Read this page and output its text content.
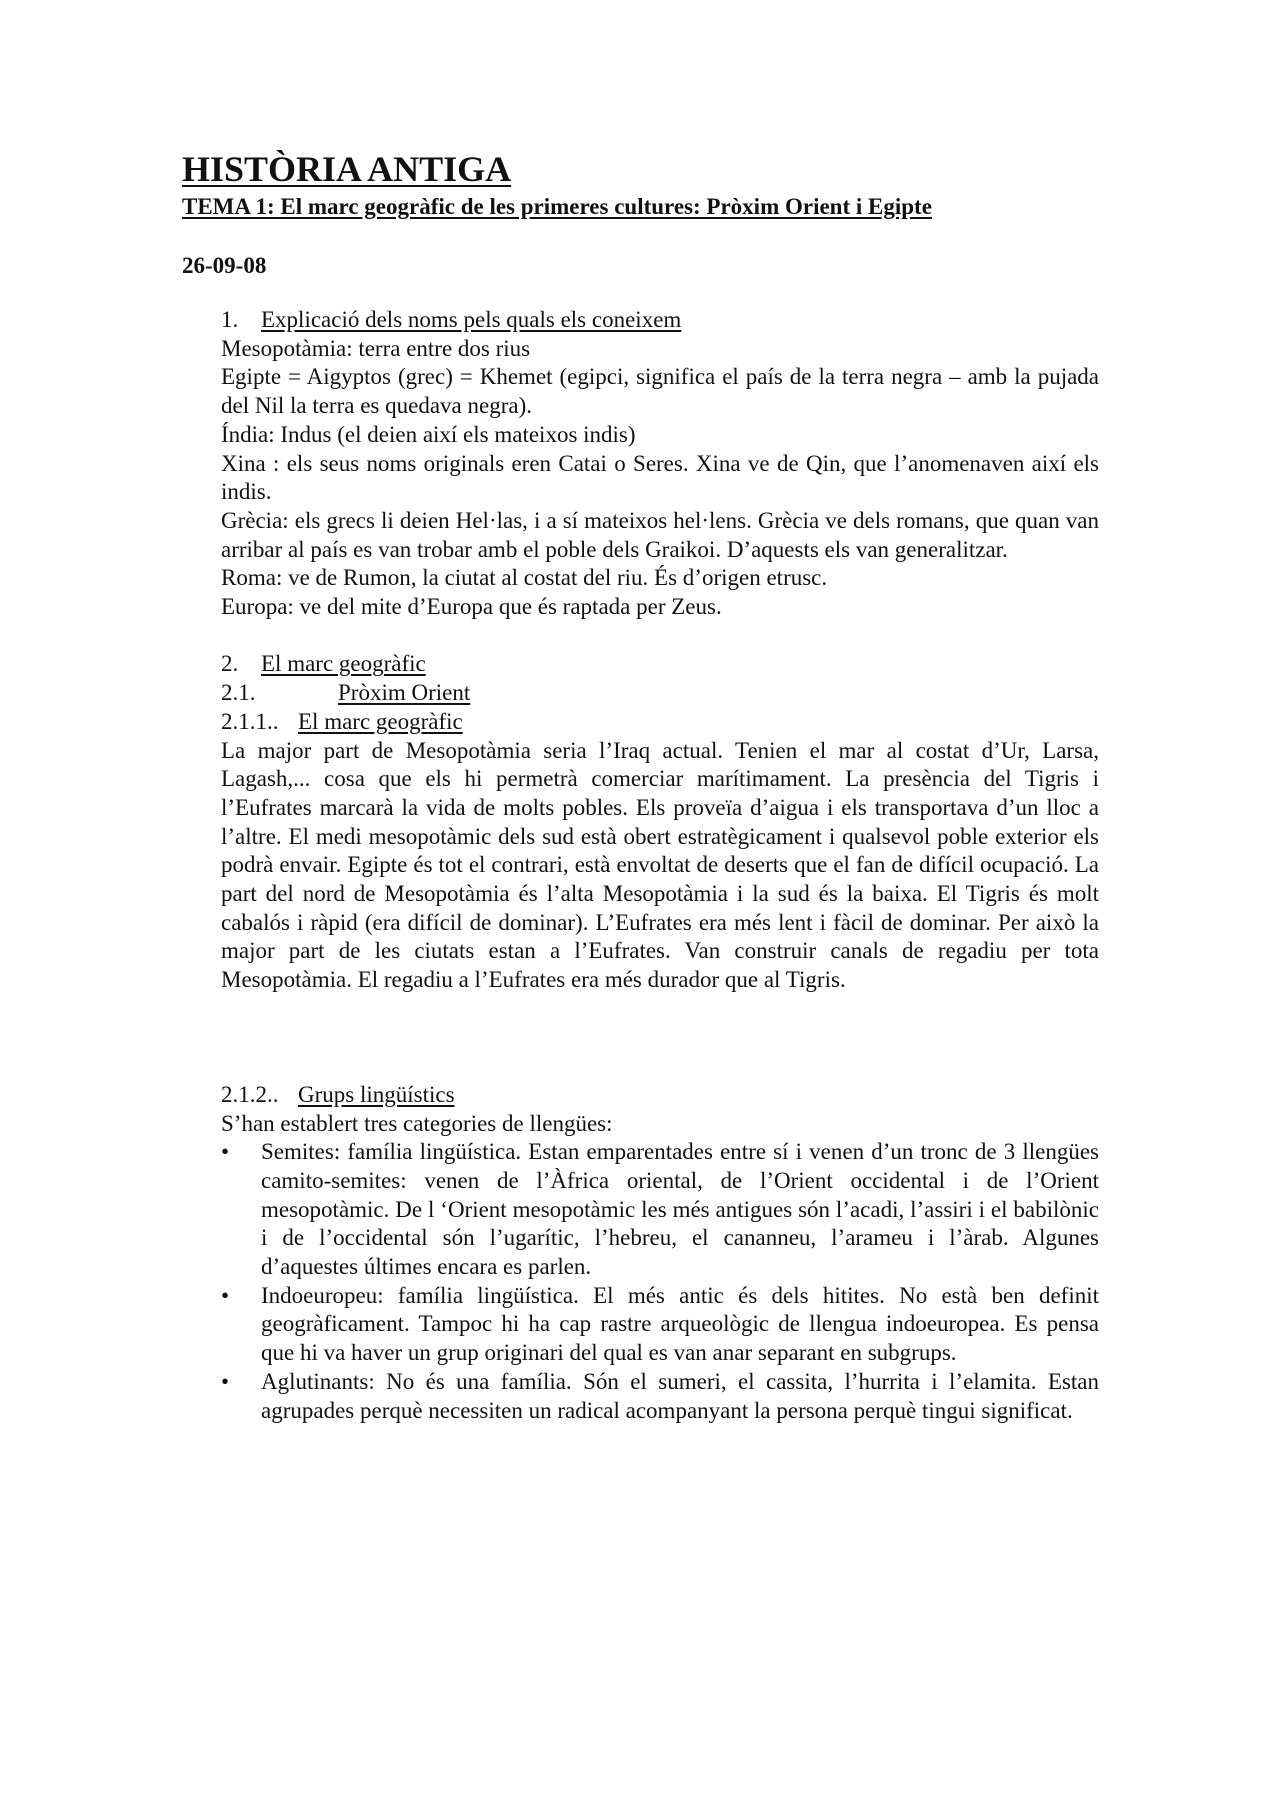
HISTÒRIA ANTIGA
TEMA 1: El marc geogràfic de les primeres cultures: Pròxim Orient i Egipte
26-09-08

1. Explicació dels noms pels quals els coneixem

Mesopotàmia: terra entre dos rius

Egipte = Aigyptos (grec) = Khemet (egipci, significa el país de la terra negra – amb la pujada del Nil la terra es quedava negra).

Índia: Indus (el deien així els mateixos indis)

Xina : els seus noms originals eren Catai o Seres. Xina ve de Qin, que l’anomenaven així els indis.

Grècia: els grecs li deien Hel·las, i a sí mateixos hel·lens. Grècia ve dels romans, que quan van arribar al país es van trobar amb el poble dels Graikoi. D’aquests els van generalitzar.

Roma: ve de Rumon, la ciutat al costat del riu. És d’origen etrusc.

Europa: ve del mite d’Europa que és raptada per Zeus.

2. El marc geogràfic

2.1.	Pròxim Orient

2.1.1.. El marc geogràfic

La major part de Mesopotàmia seria l’Iraq actual. Tenien el mar al costat d’Ur, Larsa, Lagash,... cosa que els hi permetrà comerciar marítimament. La presència del Tigris i l’Eufrates marcarà la vida de molts pobles. Els proveïa d’aigua i els transportava d’un lloc a l’altre. El medi mesopotàmic dels sud està obert estratègicament i qualsevol poble exterior els podrà envair. Egipte és tot el contrari, està envoltat de deserts que el fan de difícil ocupació. La part del nord de Mesopotàmia és l’alta Mesopotàmia i la sud és la baixa. El Tigris és molt cabalós i ràpid (era difícil de dominar). L’Eufrates era més lent i fàcil de dominar. Per això la major part de les ciutats estan a l’Eufrates. Van construir canals de regadiu per tota Mesopotàmia. El regadiu a l’Eufrates era més durador que al Tigris.

2.1.2.. Grups lingüístics

S’han establert tres categories de llengües:

• Semites: família lingüística. Estan emparentades entre sí i venen d’un tronc de 3 llengües camito-semites: venen de l’Àfrica oriental, de l’Orient occidental i de l’Orient mesopotàmic. De l ‘Orient mesopotàmic les més antigues són l’acadi, l’assiri i el babilònic i de l’occidental són l’ugarític, l’hebreu, el cananneu, l’arameu i l’àrab. Algunes d’aquestes últimes encara es parlen.
• Indoeuropeu: família lingüística. El més antic és dels hitites. No està ben definit geogràficament. Tampoc hi ha cap rastre arqueològic de llengua indoeuropea. Es pensa que hi va haver un grup originari del qual es van anar separant en subgrups.
• Aglutinants: No és una família. Són el sumeri, el cassita, l’hurrita i l’elamita. Estan agrupades perquè necessiten un radical acompanyant la persona perquè tingui significat.
